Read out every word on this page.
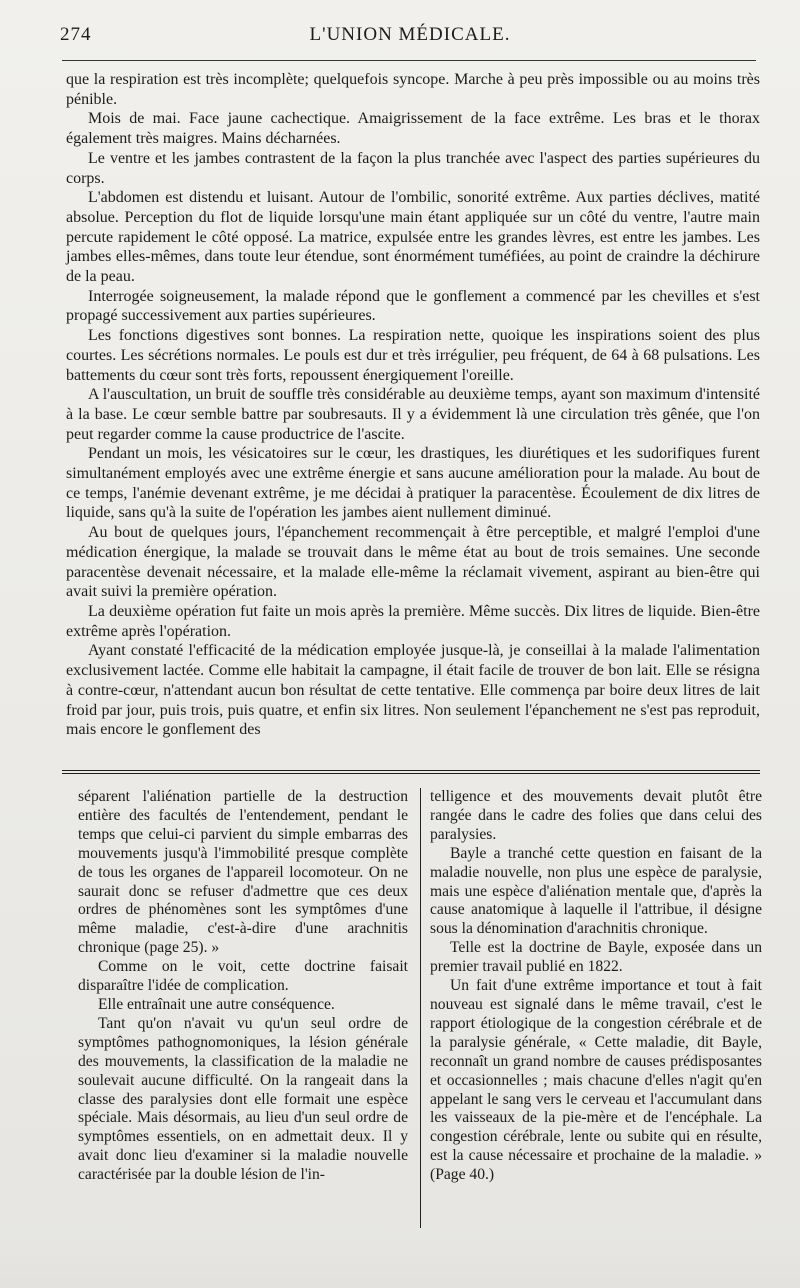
274	L'UNION MÉDICALE.

que la respiration est très incomplète; quelquefois syncope. Marche à peu près impossible ou au moins très pénible.

Mois de mai. Face jaune cachectique. Amaigrissement de la face extrême. Les bras et le thorax également très maigres. Mains décharnées.

Le ventre et les jambes contrastent de la façon la plus tranchée avec l'aspect des parties supérieures du corps.

L'abdomen est distendu et luisant. Autour de l'ombilic, sonorité extrême. Aux parties déclives, matité absolue. Perception du flot de liquide lorsqu'une main étant appliquée sur un côté du ventre, l'autre main percute rapidement le côté opposé. La matrice, expulsée entre les grandes lèvres, est entre les jambes. Les jambes elles-mêmes, dans toute leur étendue, sont énormément tuméfiées, au point de craindre la déchirure de la peau.

Interrogée soigneusement, la malade répond que le gonflement a commencé par les chevilles et s'est propagé successivement aux parties supérieures.

Les fonctions digestives sont bonnes. La respiration nette, quoique les inspirations soient des plus courtes. Les sécrétions normales. Le pouls est dur et très irrégulier, peu fréquent, de 64 à 68 pulsations. Les battements du cœur sont très forts, repoussent énergiquement l'oreille.

A l'auscultation, un bruit de souffle très considérable au deuxième temps, ayant son maximum d'intensité à la base. Le cœur semble battre par soubresauts. Il y a évidemment là une circulation très gênée, que l'on peut regarder comme la cause productrice de l'ascite.

Pendant un mois, les vésicatoires sur le cœur, les drastiques, les diurétiques et les sudorifiques furent simultanément employés avec une extrême énergie et sans aucune amélioration pour la malade. Au bout de ce temps, l'anémie devenant extrême, je me décidai à pratiquer la paracentèse. Écoulement de dix litres de liquide, sans qu'à la suite de l'opération les jambes aient nullement diminué.

Au bout de quelques jours, l'épanchement recommençait à être perceptible, et malgré l'emploi d'une médication énergique, la malade se trouvait dans le même état au bout de trois semaines. Une seconde paracentèse devenait nécessaire, et la malade elle-même la réclamait vivement, aspirant au bien-être qui avait suivi la première opération.

La deuxième opération fut faite un mois après la première. Même succès. Dix litres de liquide. Bien-être extrême après l'opération.

Ayant constaté l'efficacité de la médication employée jusque-là, je conseillai à la malade l'alimentation exclusivement lactée. Comme elle habitait la campagne, il était facile de trouver de bon lait. Elle se résigna à contre-cœur, n'attendant aucun bon résultat de cette tentative. Elle commença par boire deux litres de lait froid par jour, puis trois, puis quatre, et enfin six litres. Non seulement l'épanchement ne s'est pas reproduit, mais encore le gonflement des

séparent l'aliénation partielle de la destruction entière des facultés de l'entendement, pendant le temps que celui-ci parvient du simple embarras des mouvements jusqu'à l'immobilité presque complète de tous les organes de l'appareil locomoteur. On ne saurait donc se refuser d'admettre que ces deux ordres de phénomènes sont les symptômes d'une même maladie, c'est-à-dire d'une arachnitis chronique (page 25). »

Comme on le voit, cette doctrine faisait disparaître l'idée de complication.

Elle entraînait une autre conséquence.

Tant qu'on n'avait vu qu'un seul ordre de symptômes pathognomoniques, la lésion générale des mouvements, la classification de la maladie ne soulevait aucune difficulté. On la rangeait dans la classe des paralysies dont elle formait une espèce spéciale. Mais désormais, au lieu d'un seul ordre de symptômes essentiels, on en admettait deux. Il y avait donc lieu d'examiner si la maladie nouvelle caractérisée par la double lésion de l'in-

telligence et des mouvements devait plutôt être rangée dans le cadre des folies que dans celui des paralysies.

Bayle a tranché cette question en faisant de la maladie nouvelle, non plus une espèce de paralysie, mais une espèce d'aliénation mentale que, d'après la cause anatomique à laquelle il l'attribue, il désigne sous la dénomination d'arachnitis chronique.

Telle est la doctrine de Bayle, exposée dans un premier travail publié en 1822.

Un fait d'une extrême importance et tout à fait nouveau est signalé dans le même travail, c'est le rapport étiologique de la congestion cérébrale et de la paralysie générale, « Cette maladie, dit Bayle, reconnaît un grand nombre de causes prédisposantes et occasionnelles ; mais chacune d'elles n'agit qu'en appelant le sang vers le cerveau et l'accumulant dans les vaisseaux de la pie-mère et de l'encéphale. La congestion cérébrale, lente ou subite qui en résulte, est la cause nécessaire et prochaine de la maladie. » (Page 40.)
